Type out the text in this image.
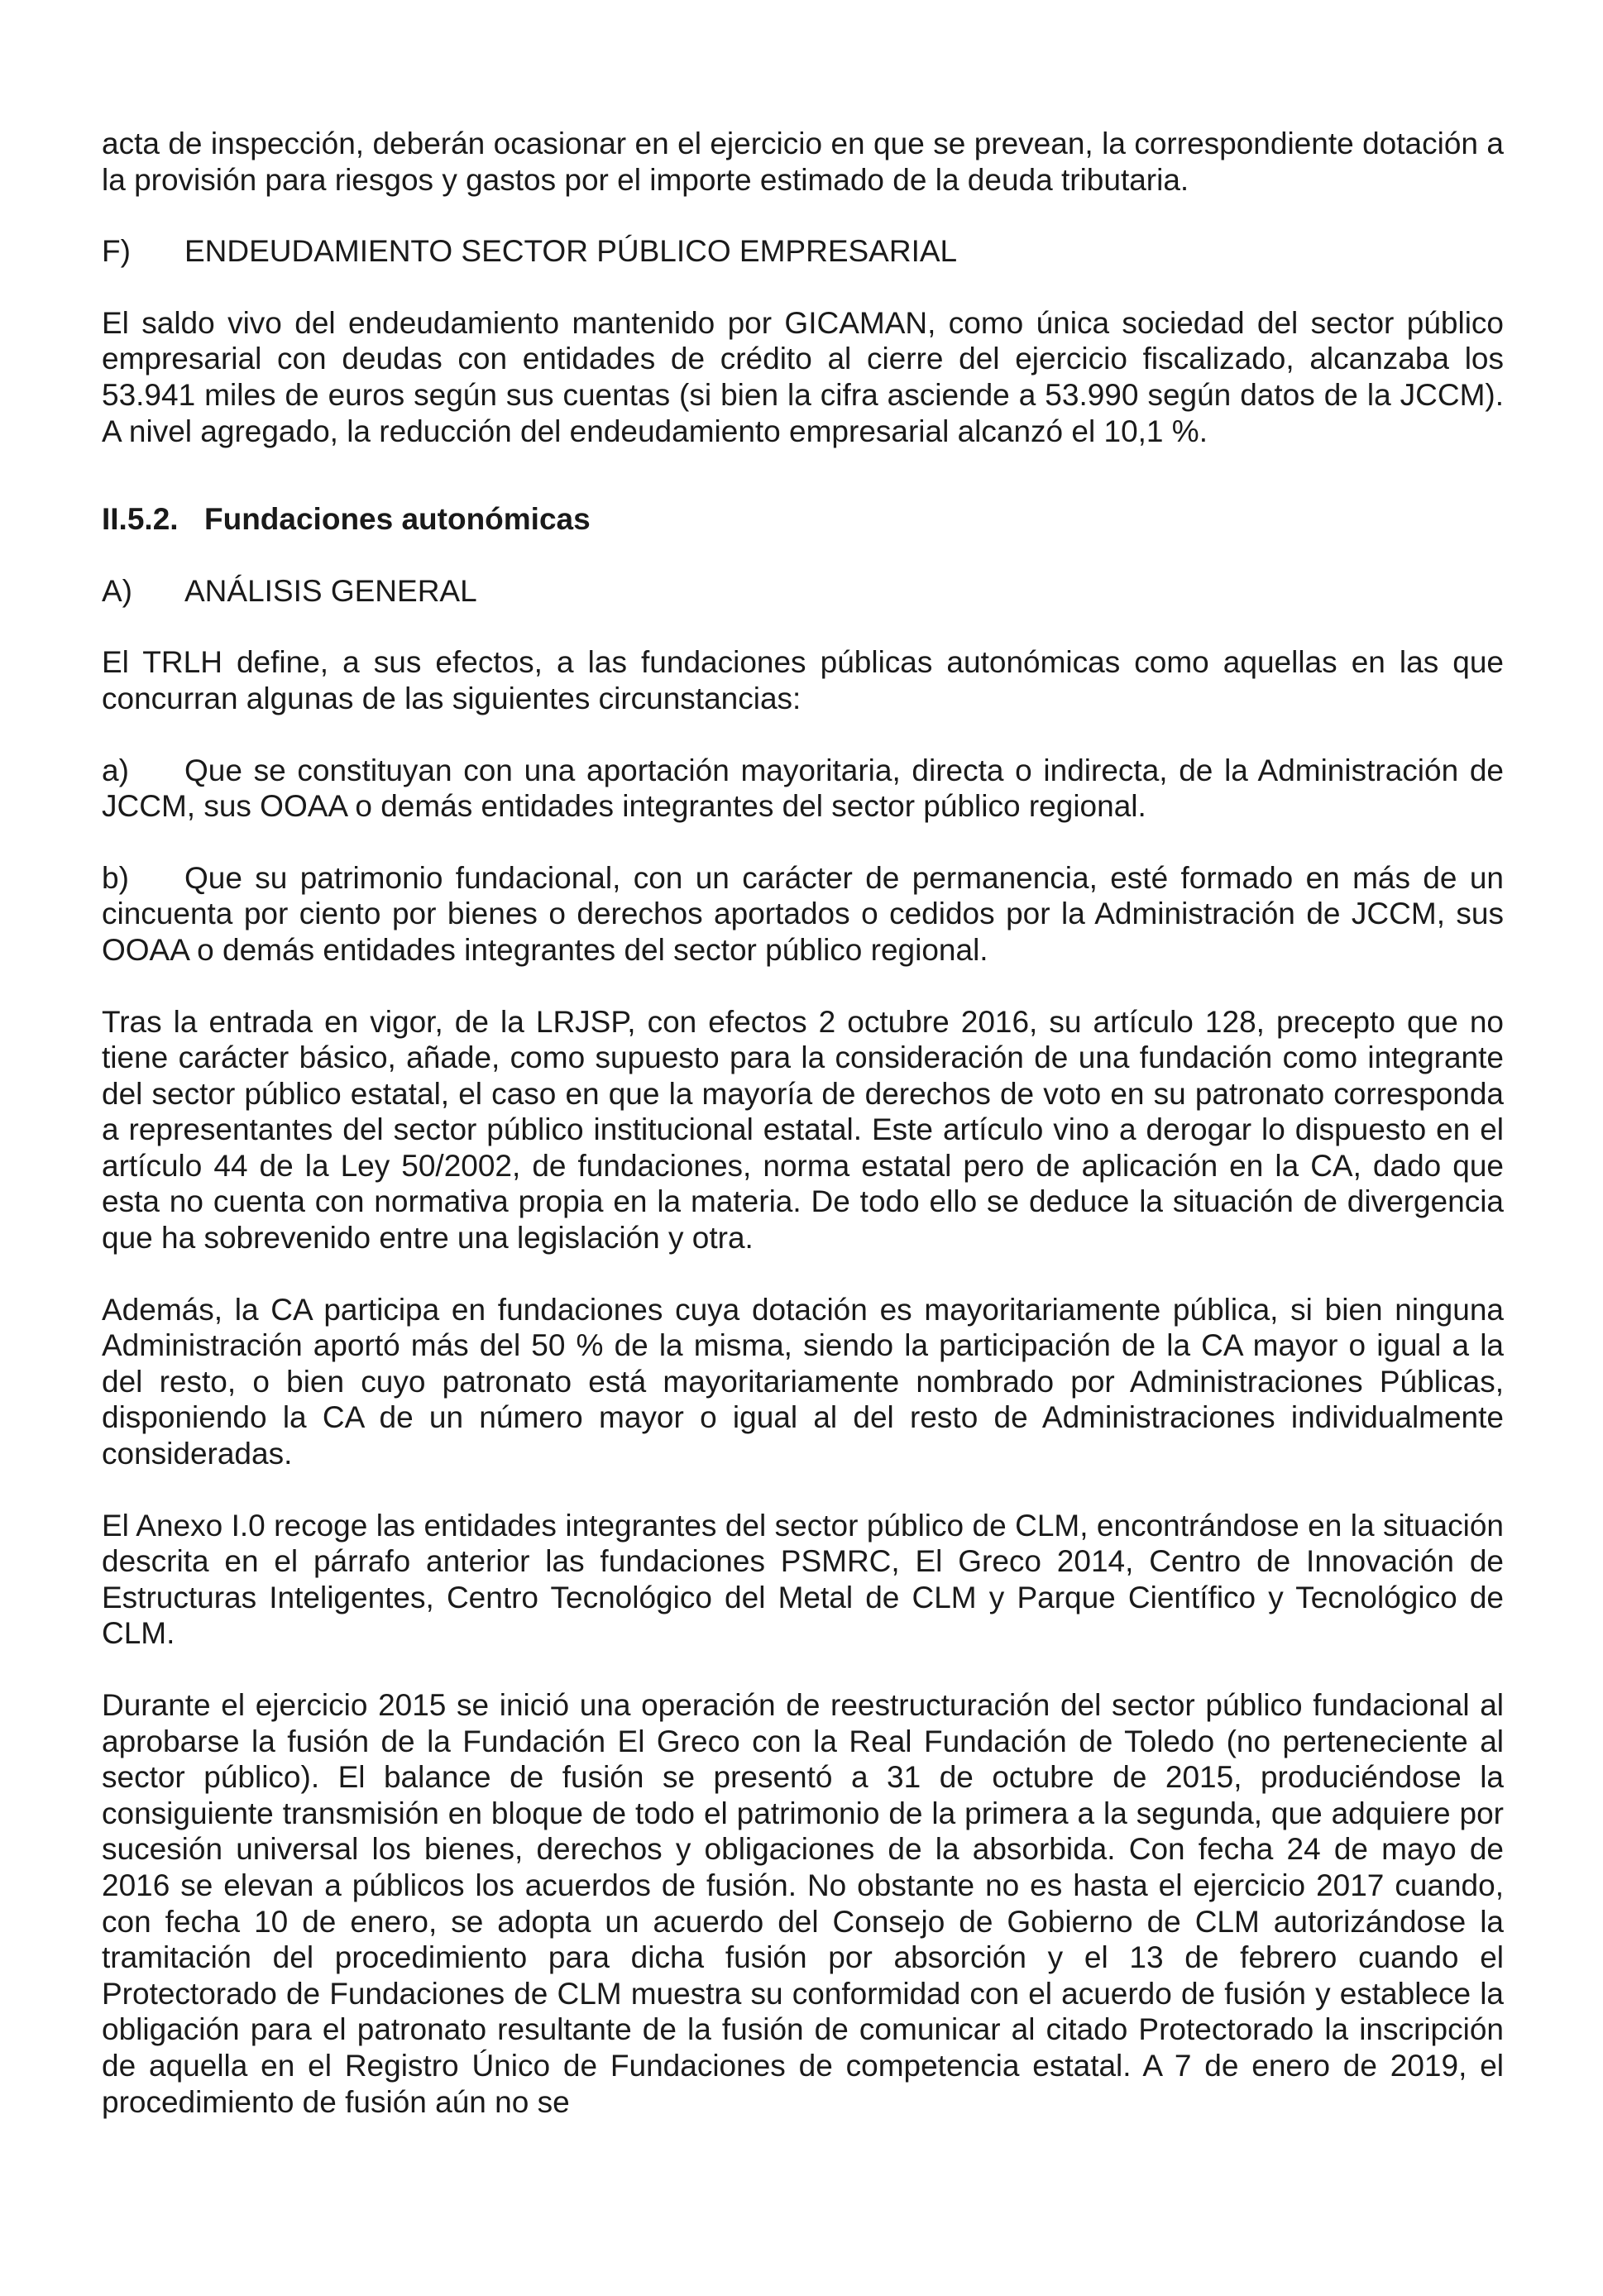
acta de inspección, deberán ocasionar en el ejercicio en que se prevean, la correspondiente dotación a la provisión para riesgos y gastos por el importe estimado de la deuda tributaria.

F)	ENDEUDAMIENTO SECTOR PÚBLICO EMPRESARIAL

El saldo vivo del endeudamiento mantenido por GICAMAN, como única sociedad del sector público empresarial con deudas con entidades de crédito al cierre del ejercicio fiscalizado, alcanzaba los 53.941 miles de euros según sus cuentas (si bien la cifra asciende a 53.990 según datos de la JCCM). A nivel agregado, la reducción del endeudamiento empresarial alcanzó el 10,1 %.

II.5.2. Fundaciones autonómicas
A)	ANÁLISIS GENERAL

El TRLH define, a sus efectos, a las fundaciones públicas autonómicas como aquellas en las que concurran algunas de las siguientes circunstancias:

a) Que se constituyan con una aportación mayoritaria, directa o indirecta, de la Administración de JCCM, sus OOAA o demás entidades integrantes del sector público regional.

b) Que su patrimonio fundacional, con un carácter de permanencia, esté formado en más de un cincuenta por ciento por bienes o derechos aportados o cedidos por la Administración de JCCM, sus OOAA o demás entidades integrantes del sector público regional.

Tras la entrada en vigor, de la LRJSP, con efectos 2 octubre 2016, su artículo 128, precepto que no tiene carácter básico, añade, como supuesto para la consideración de una fundación como integrante del sector público estatal, el caso en que la mayoría de derechos de voto en su patronato corresponda a representantes del sector público institucional estatal. Este artículo vino a derogar lo dispuesto en el artículo 44 de la Ley 50/2002, de fundaciones, norma estatal pero de aplicación en la CA, dado que esta no cuenta con normativa propia en la materia. De todo ello se deduce la situación de divergencia que ha sobrevenido entre una legislación y otra.

Además, la CA participa en fundaciones cuya dotación es mayoritariamente pública, si bien ninguna Administración aportó más del 50 % de la misma, siendo la participación de la CA mayor o igual a la del resto, o bien cuyo patronato está mayoritariamente nombrado por Administraciones Públicas, disponiendo la CA de un número mayor o igual al del resto de Administraciones individualmente consideradas.

El Anexo I.0 recoge las entidades integrantes del sector público de CLM, encontrándose en la situación descrita en el párrafo anterior las fundaciones PSMRC, El Greco 2014, Centro de Innovación de Estructuras Inteligentes, Centro Tecnológico del Metal de CLM y Parque Científico y Tecnológico de CLM.

Durante el ejercicio 2015 se inició una operación de reestructuración del sector público fundacional al aprobarse la fusión de la Fundación El Greco con la Real Fundación de Toledo (no perteneciente al sector público). El balance de fusión se presentó a 31 de octubre de 2015, produciéndose la consiguiente transmisión en bloque de todo el patrimonio de la primera a la segunda, que adquiere por sucesión universal los bienes, derechos y obligaciones de la absorbida. Con fecha 24 de mayo de 2016 se elevan a públicos los acuerdos de fusión. No obstante no es hasta el ejercicio 2017 cuando, con fecha 10 de enero, se adopta un acuerdo del Consejo de Gobierno de CLM autorizándose la tramitación del procedimiento para dicha fusión por absorción y el 13 de febrero cuando el Protectorado de Fundaciones de CLM muestra su conformidad con el acuerdo de fusión y establece la obligación para el patronato resultante de la fusión de comunicar al citado Protectorado la inscripción de aquella en el Registro Único de Fundaciones de competencia estatal. A 7 de enero de 2019, el procedimiento de fusión aún no se
